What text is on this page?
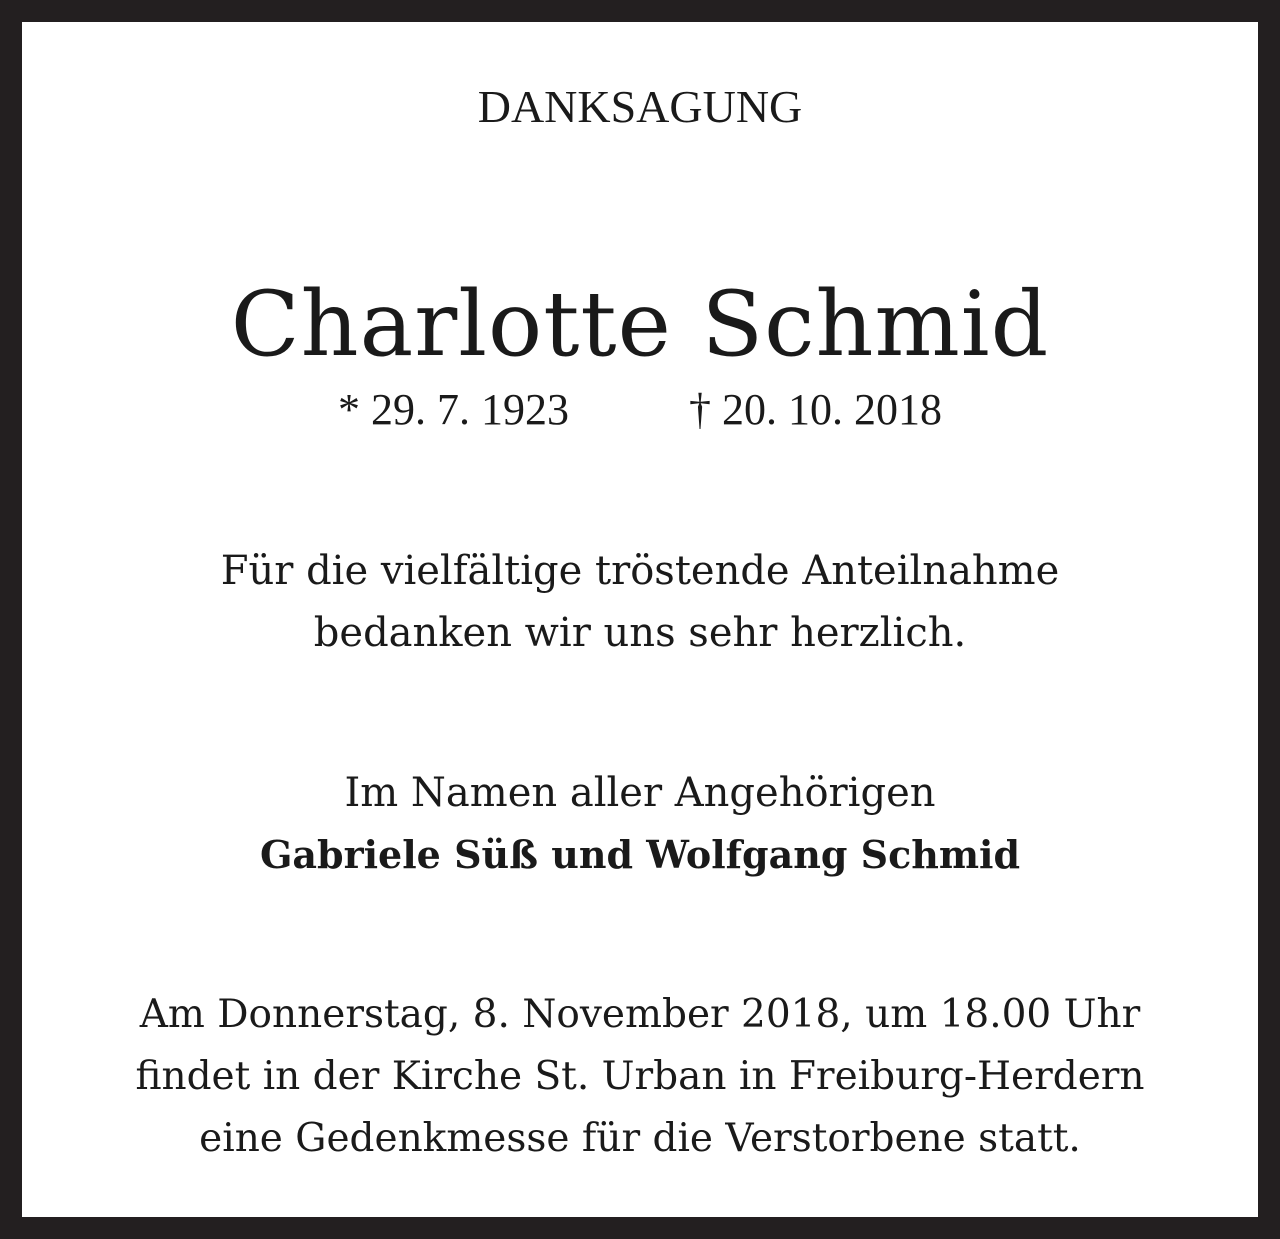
DANKSAGUNG
Charlotte Schmid
* 29. 7. 1923	† 20. 10. 2018

Für die vielfältige tröstende Anteilnahme

bedanken wir uns sehr herzlich.

Im Namen aller Angehörigen

Gabriele Süß und Wolfgang Schmid

Am Donnerstag, 8. November 2018, um 18.00 Uhr

findet in der Kirche St. Urban in Freiburg-Herdern

eine Gedenkmesse für die Verstorbene statt.
